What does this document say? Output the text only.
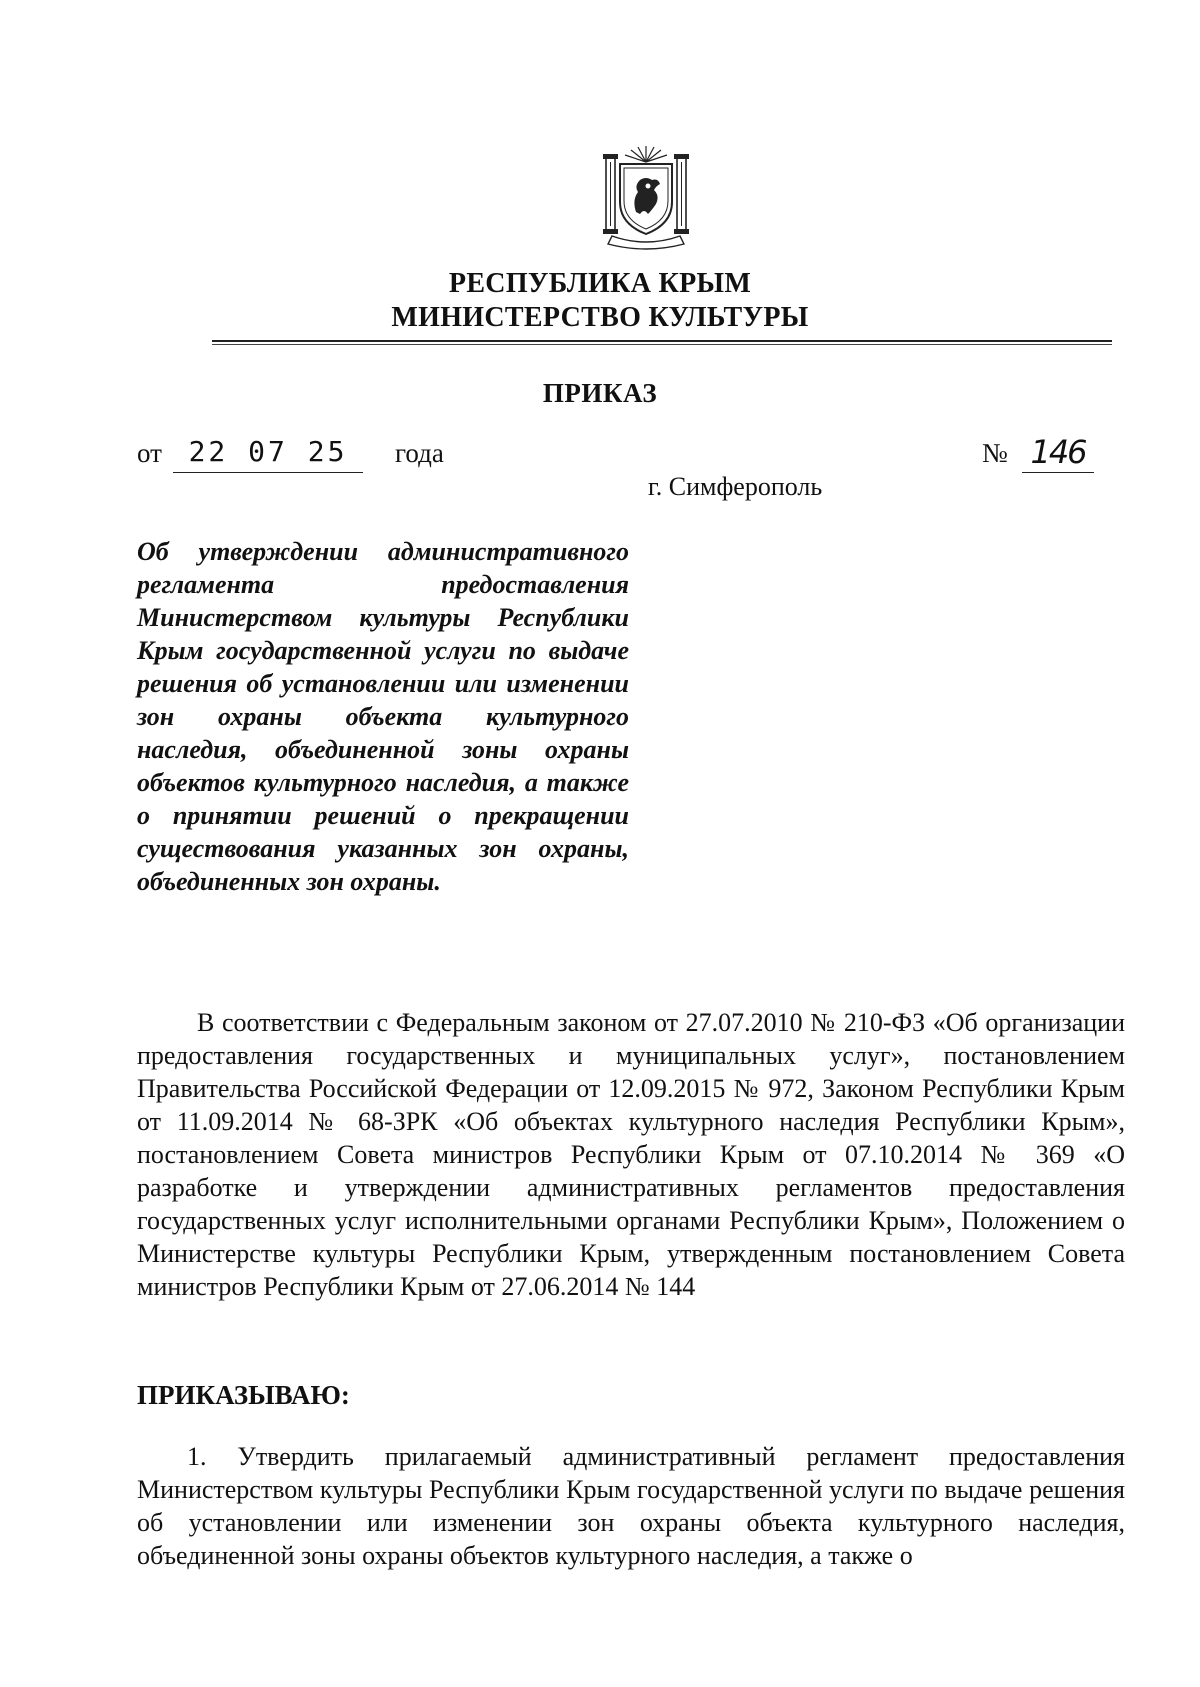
РЕСПУБЛИКА КРЫМ
МИНИСТЕРСТВО КУЛЬТУРЫ
ПРИКАЗ
от 22 07 25	года	№ 146
г. Симферополь
Об утверждении административного регламента предоставления Министерством культуры Республики Крым государственной услуги по выдаче решения об установлении или изменении зон охраны объекта культурного наследия, объединенной зоны охраны объектов культурного наследия, а также о принятии решений о прекращении существования указанных зон охраны, объединенных зон охраны.
В соответствии с Федеральным законом от 27.07.2010 № 210-ФЗ «Об организации предоставления государственных и муниципальных услуг», постановлением Правительства Российской Федерации от 12.09.2015 № 972, Законом Республики Крым от 11.09.2014 № 68-ЗРК «Об объектах культурного наследия Республики Крым», постановлением Совета министров Республики Крым от 07.10.2014 № 369 «О разработке и утверждении административных регламентов предоставления государственных услуг исполнительными органами Республики Крым», Положением о Министерстве культуры Республики Крым, утвержденным постановлением Совета министров Республики Крым от 27.06.2014 № 144
ПРИКАЗЫВАЮ:
1. Утвердить прилагаемый административный регламент предоставления Министерством культуры Республики Крым государственной услуги по выдаче решения об установлении или изменении зон охраны объекта культурного наследия, объединенной зоны охраны объектов культурного наследия, а также о
